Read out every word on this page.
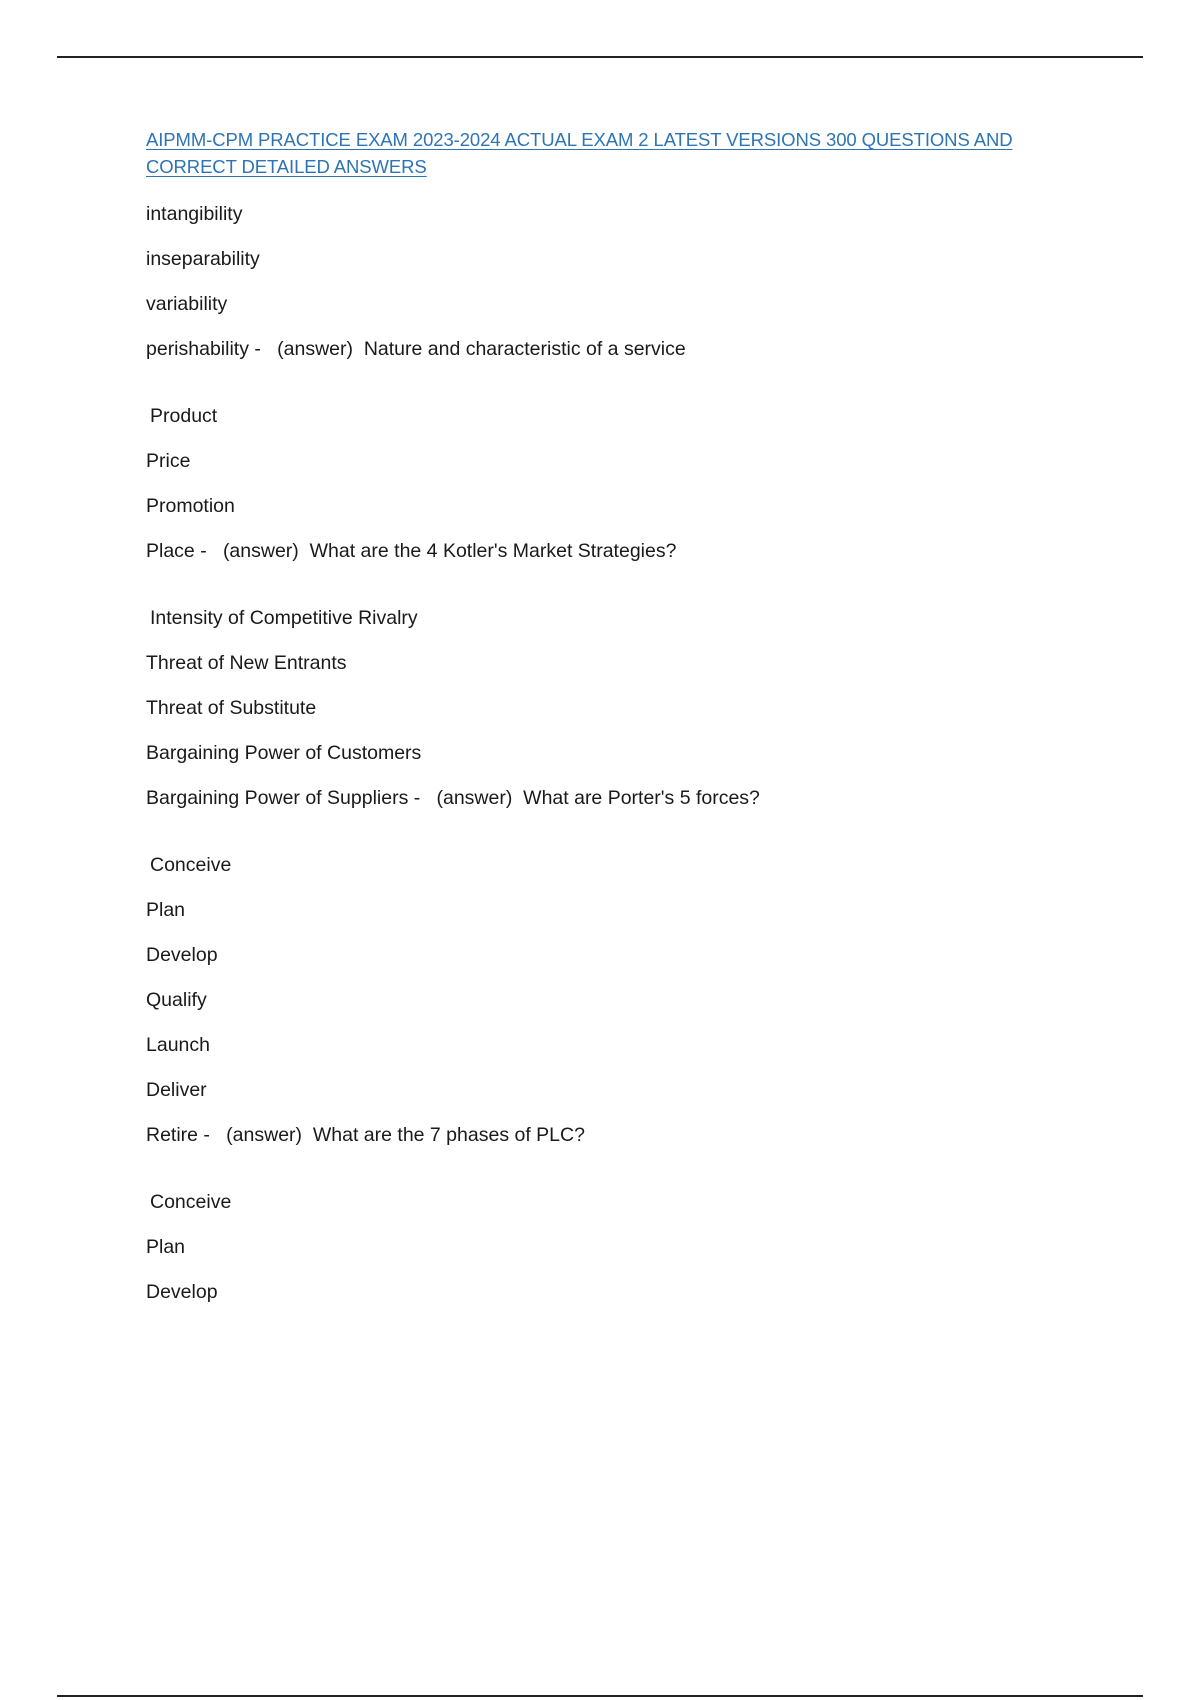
AIPMM-CPM PRACTICE EXAM 2023-2024 ACTUAL EXAM 2 LATEST VERSIONS 300 QUESTIONS AND CORRECT DETAILED ANSWERS
intangibility
inseparability
variability
perishability -   (answer)  Nature and characteristic of a service
Product
Price
Promotion
Place -   (answer)  What are the 4 Kotler's Market Strategies?
Intensity of Competitive Rivalry
Threat of New Entrants
Threat of Substitute
Bargaining Power of Customers
Bargaining Power of Suppliers -   (answer)  What are Porter's 5 forces?
Conceive
Plan
Develop
Qualify
Launch
Deliver
Retire -   (answer)  What are the 7 phases of PLC?
Conceive
Plan
Develop
